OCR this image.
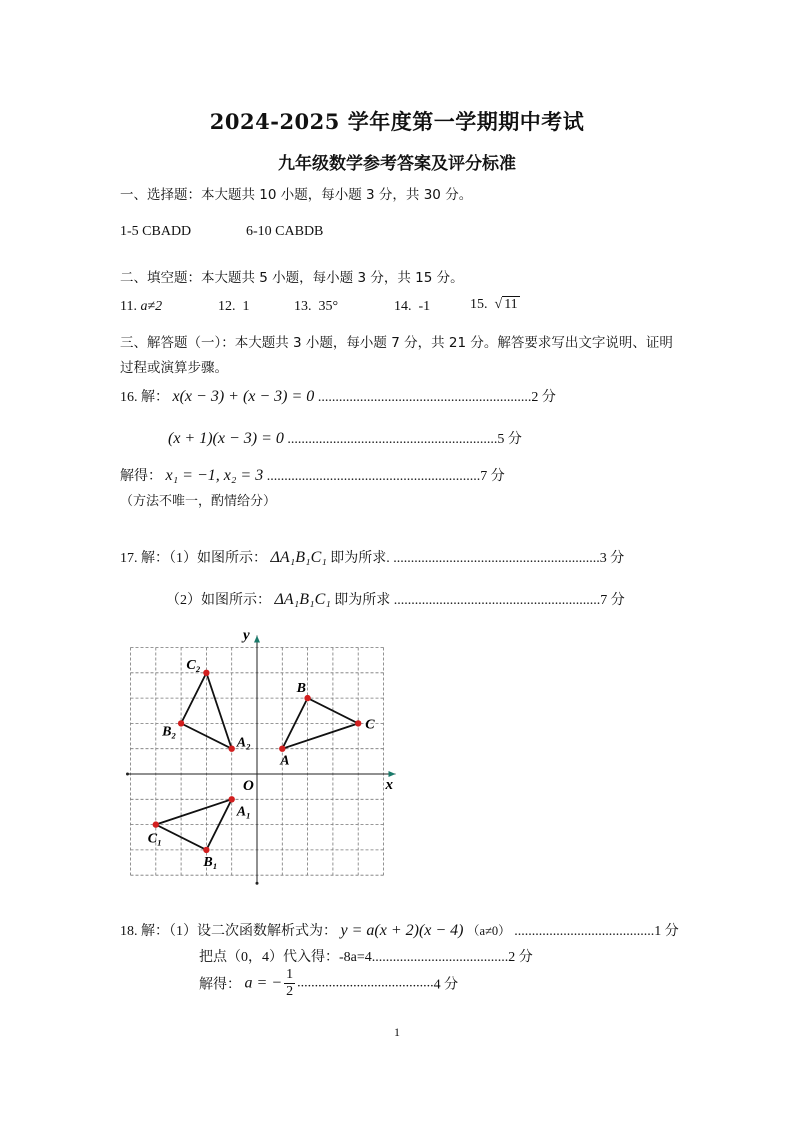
2024-2025 学年度第一学期期中考试
九年级数学参考答案及评分标准
一、选择题：本大题共 10 小题，每小题 3 分，共 30 分。
1-5 CBADD	6-10 CABDB
二、填空题：本大题共 5 小题，每小题 3 分，共 15 分。
11. a≠2	12. 1	13. 35°	14. -1	15. √ 11
三、解答题（一）：本大题共 3 小题，每小题 7 分，共 21 分。解答要求写出文字说明、证明
过程或演算步骤。
16. 解： x(x − 3) + (x − 3) = 0 .............................................................2 分
(x + 1)(x − 3) = 0 ............................................................5 分
解得： x₁ = −1, x₂ = 3 .............................................................7 分
（方法不唯一，酌情给分）
17. 解：（1）如图所示： ΔA₁B₁C₁ 即为所求. ...........................................................3 分
（2）如图所示： ΔA₁B₁C₁ 即为所求 ...........................................................7 分
x
y
O
A
B
C
A₁
B₁
C₁
A₂
B₂
C₂
18. 解：（1）设二次函数解析式为： y = a(x + 2)(x − 4) （a≠0） ........................................1 分
把点（0，4）代入得：-8a=4.......................................2 分
解得： a = − $\frac{1}{2} .......................................4$ 分
1
